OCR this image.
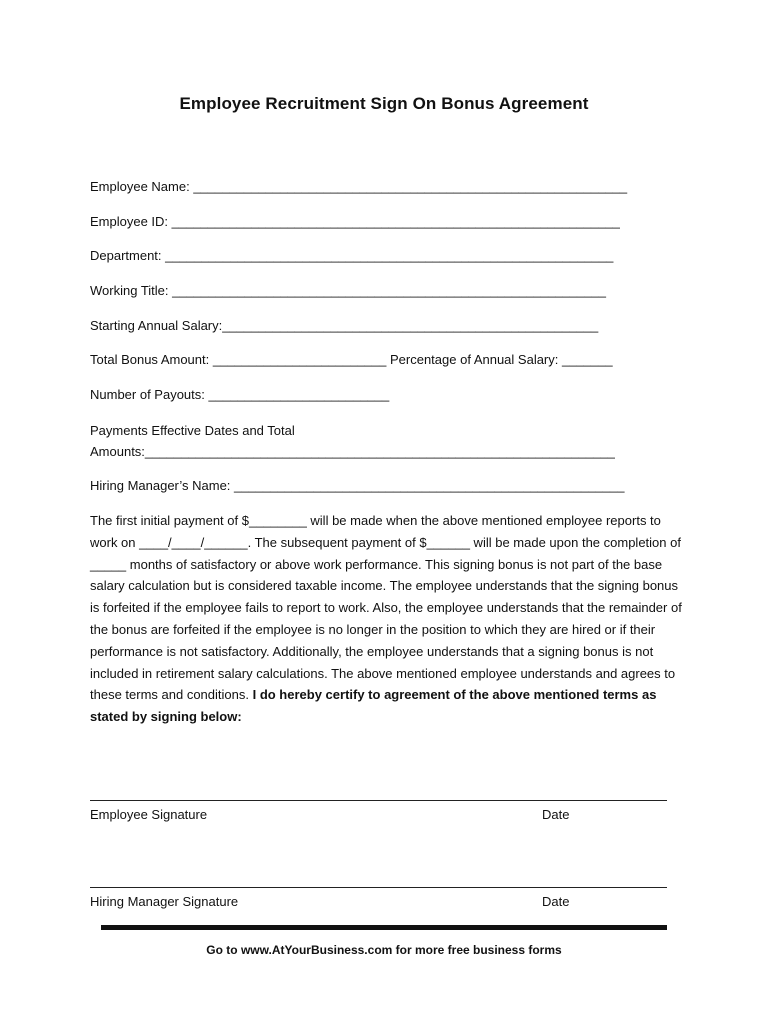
Employee Recruitment Sign On Bonus Agreement
Employee Name: ____________________________________________________________
Employee ID: ______________________________________________________________
Department: ______________________________________________________________
Working Title: ____________________________________________________________
Starting Annual Salary:____________________________________________________
Total Bonus Amount: ________________________ Percentage of Annual Salary: _______
Number of Payouts: _________________________
Payments Effective Dates and Total
Amounts:_________________________________________________________________
Hiring Manager’s Name: ______________________________________________________
The first initial payment of $________ will be made when the above mentioned employee reports to work on ____/____/______. The subsequent payment of $______ will be made upon the completion of _____ months of satisfactory or above work performance. This signing bonus is not part of the base salary calculation but is considered taxable income. The employee understands that the signing bonus is forfeited if the employee fails to report to work. Also, the employee understands that the remainder of the bonus are forfeited if the employee is no longer in the position to which they are hired or if their performance is not satisfactory. Additionally, the employee understands that a signing bonus is not included in retirement salary calculations. The above mentioned employee understands and agrees to these terms and conditions. I do hereby certify to agreement of the above mentioned terms as stated by signing below:
Employee Signature	Date
Hiring Manager Signature	Date
Go to www.AtYourBusiness.com for more free business forms
